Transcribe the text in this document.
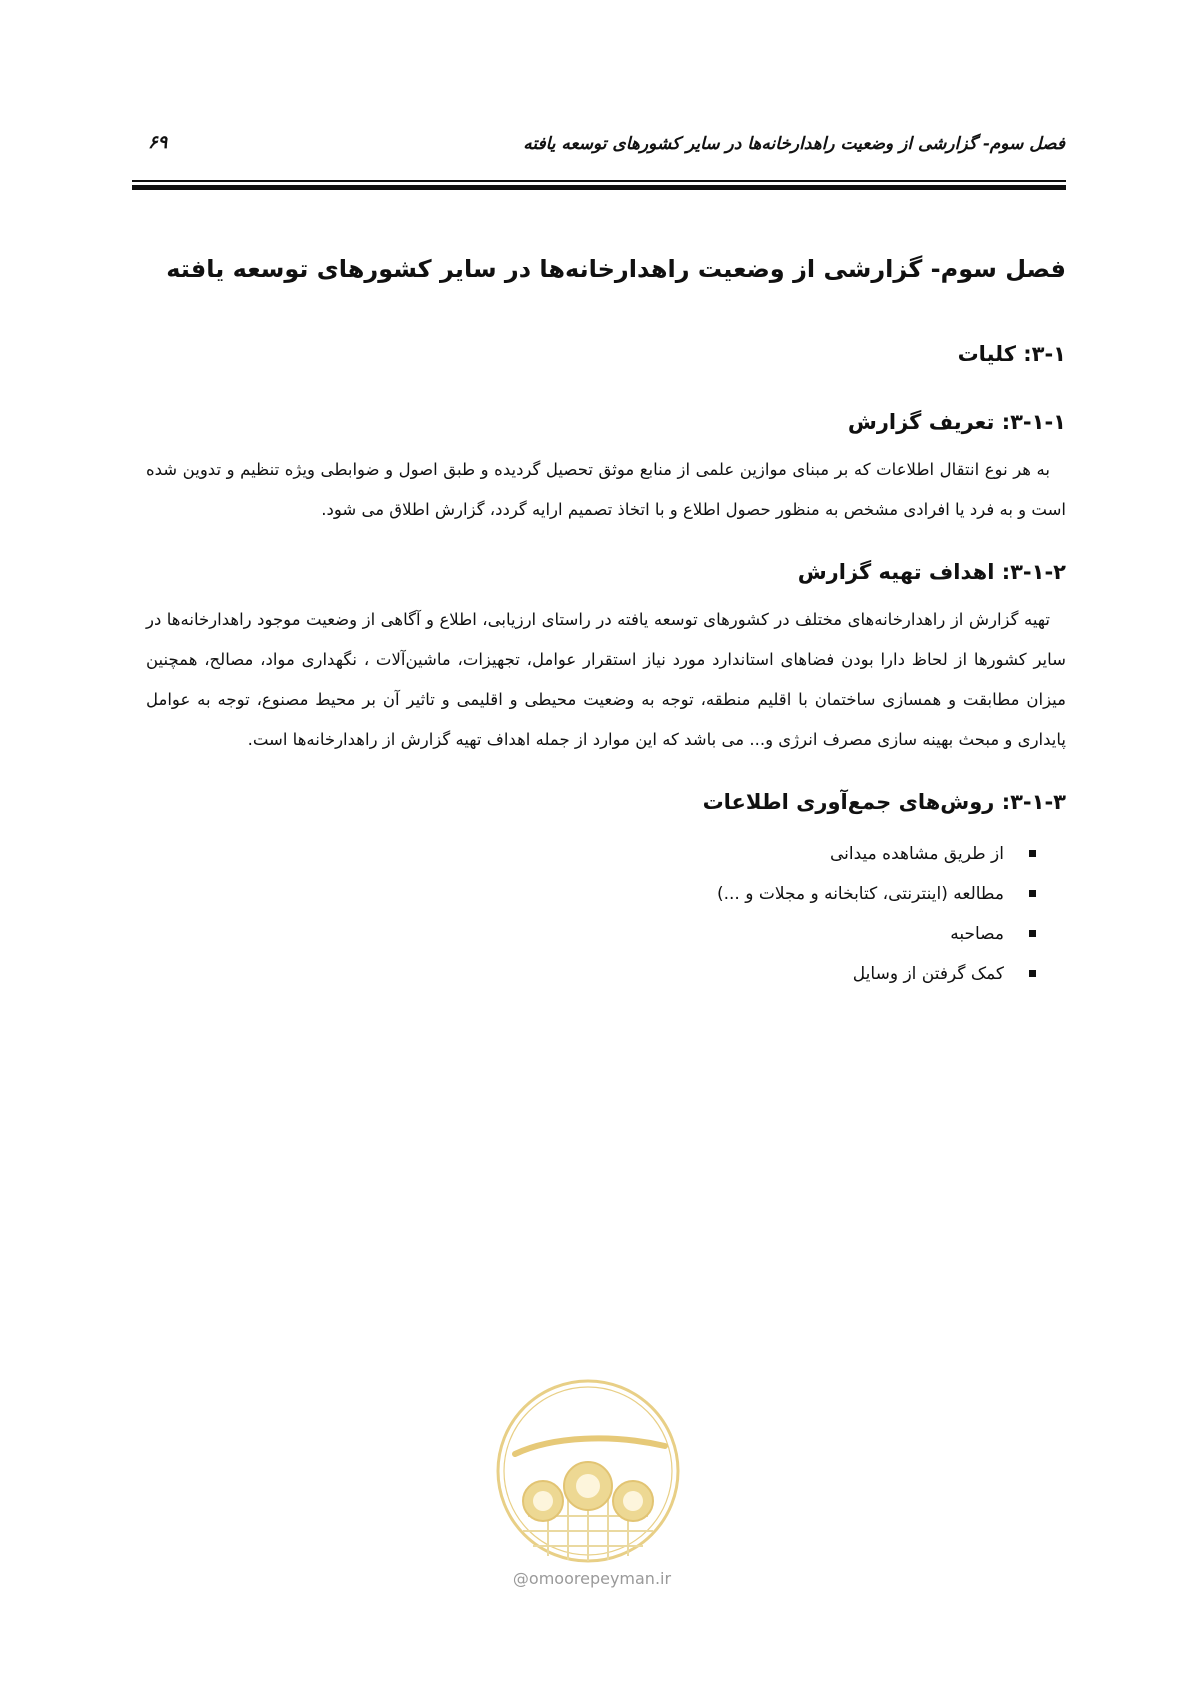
۶۹	فصل سوم- گزارشی از وضعیت راهدارخانه‌ها در سایر کشورهای توسعه یافته
فصل سوم- گزارشی از وضعیت راهدارخانه‌ها در سایر کشورهای توسعه یافته
۳-۱: کلیات
۳-۱-۱: تعریف گزارش

به هر نوع انتقال اطلاعات که بر مبنای موازین علمی از منابع موثق تحصیل گردیده و طبق اصول و ضوابطی ویژه تنظیم و تدوین شده است و به فرد یا افرادی مشخص به منظور حصول اطلاع و با اتخاذ تصمیم ارایه گردد، گزارش اطلاق می شود.

۳-۱-۲: اهداف تهیه گزارش

تهیه گزارش از راهدارخانه‌های مختلف در کشورهای توسعه یافته در راستای ارزیابی، اطلاع و آگاهی از وضعیت موجود راهدارخانه‌ها در سایر کشورها از لحاظ دارا بودن فضاهای استاندارد مورد نیاز استقرار عوامل، تجهیزات، ماشین‌آلات ، نگهداری مواد، مصالح، همچنین میزان مطابقت و همسازی ساختمان با اقلیم منطقه، توجه به وضعیت محیطی و اقلیمی و تاثیر آن بر محیط مصنوع، توجه به عوامل پایداری و مبحث بهینه سازی مصرف انرژی و... می باشد که این موارد از جمله اهداف تهیه گزارش از راهدارخانه‌ها است.

۳-۱-۳: روش‌های جمع‌آوری اطلاعات
از طریق مشاهده میدانی
مطالعه (اینترنتی، کتابخانه و مجلات و ...)
مصاحبه
کمک گرفتن از وسایل
@omoorepeyman.ir
